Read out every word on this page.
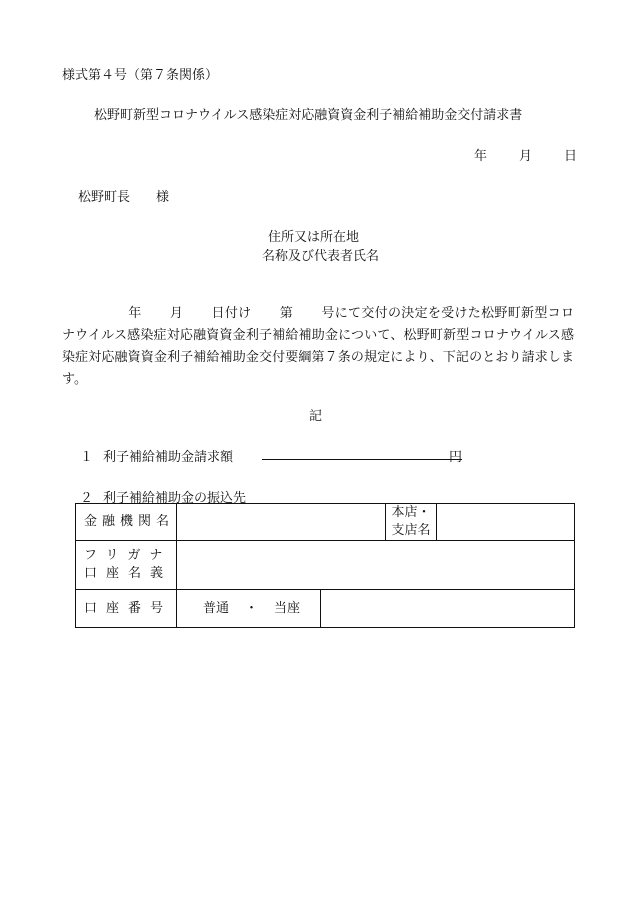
様式第４号（第７条関係）
松野町新型コロナウイルス感染症対応融資資金利子補給補助金交付請求書
年 月 日
松野町長　　様
住所又は所在地
名称及び代表者氏名
年 月 日付け 第 号にて交付の決定を受けた松野町新型コロナウイルス感染症対応融資資金利子補給補助金について、松野町新型コロナウイルス感染症対応融資資金利子補給補助金交付要綱第７条の規定により、下記のとおり請求します。
記
１ 利子補給補助金請求額	円
２ 利子補給補助金の振込先
金融機関名			本店・
支店名	

フリガナ
口座名義				

口座番号	普通 ・ 当座			
